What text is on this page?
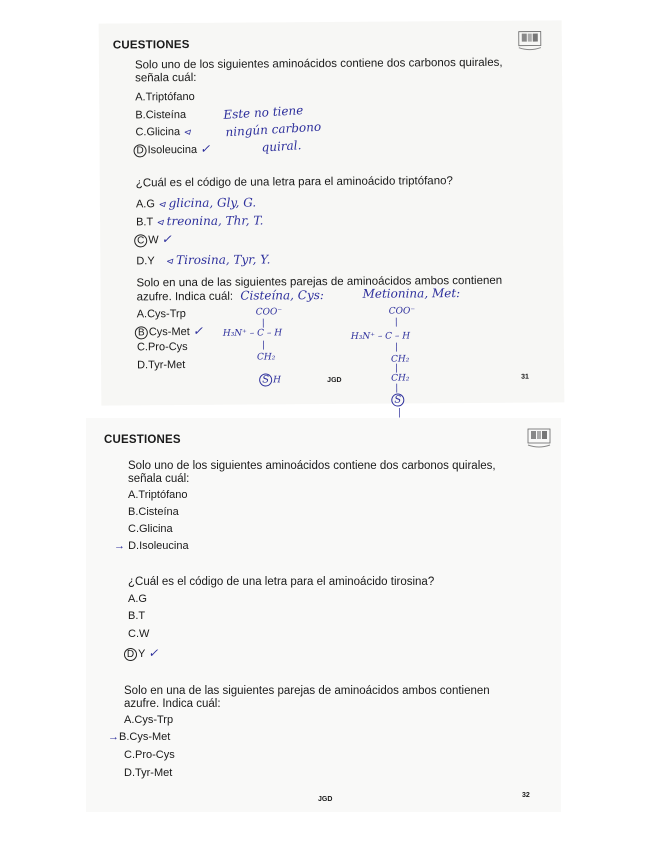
CUESTIONES
Solo uno de los siguientes aminoácidos contiene dos carbonos quirales,
señala cuál:
A.Triptófano
B.Cisteína
C.Glicina ⊲
D Isoleucina ✓
Este no tiene
ningún carbono
quiral.
¿Cuál es el código de una letra para el aminoácido triptófano?
A.G ⊲ glicina, Gly, G.
B.T ⊲ treonina, Thr, T.
C W ✓
D.Y ⊲ Tirosina, Tyr, Y.
Solo en una de las siguientes parejas de aminoácidos ambos contienen
azufre. Indica cuál: Cisteína, Cys:	Metionina, Met:
A.Cys-Trp
B Cys-Met ✓
C.Pro-Cys
D.Tyr-Met
COO⁻
|
H₃N⁺ – C – H
|
CH₂
S H
COO⁻
|
H₃N⁺ – C – H
|
CH₂
|
CH₂
|
S
JGD	31
|
CUESTIONES
Solo uno de los siguientes aminoácidos contiene dos carbonos quirales,
señala cuál:
A.Triptófano
B.Cisteína
C.Glicina
→ D.Isoleucina
¿Cuál es el código de una letra para el aminoácido tirosina?
A.G
B.T
C.W
D Y ✓
Solo en una de las siguientes parejas de aminoácidos ambos contienen
azufre. Indica cuál:
A.Cys-Trp
→B.Cys-Met
C.Pro-Cys
D.Tyr-Met
JGD
32
